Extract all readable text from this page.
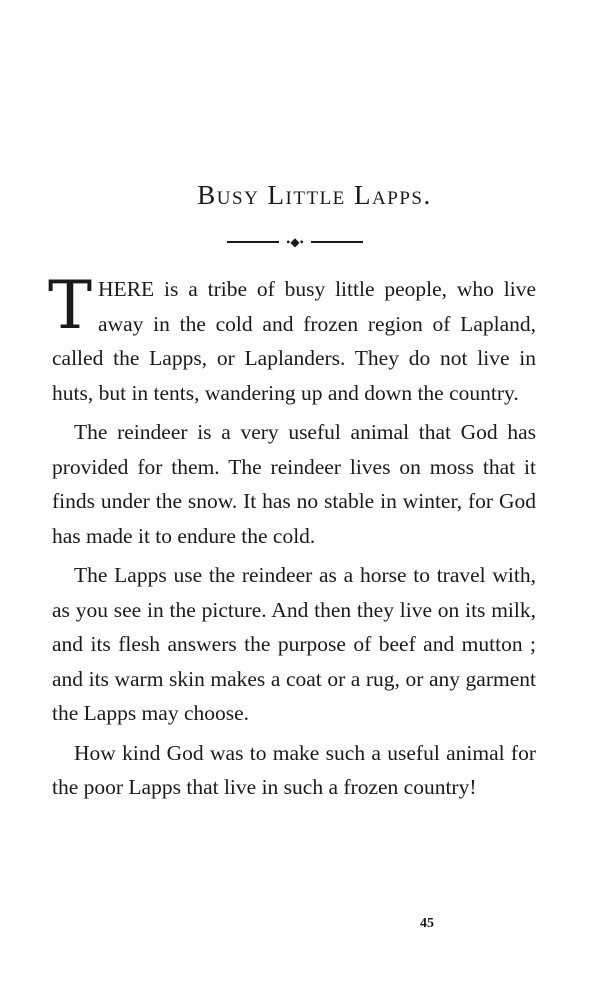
Busy Little Lapps.
•◆•

THERE is a tribe of busy little people, who live away in the cold and frozen region of Lapland, called the Lapps, or Laplanders. They do not live in huts, but in tents, wandering up and down the country.

The reindeer is a very useful animal that God has provided for them. The reindeer lives on moss that it finds under the snow. It has no stable in winter, for God has made it to endure the cold.

The Lapps use the reindeer as a horse to travel with, as you see in the picture. And then they live on its milk, and its flesh answers the purpose of beef and mutton ; and its warm skin makes a coat or a rug, or any garment the Lapps may choose.

How kind God was to make such a useful animal for the poor Lapps that live in such a frozen country!

45
